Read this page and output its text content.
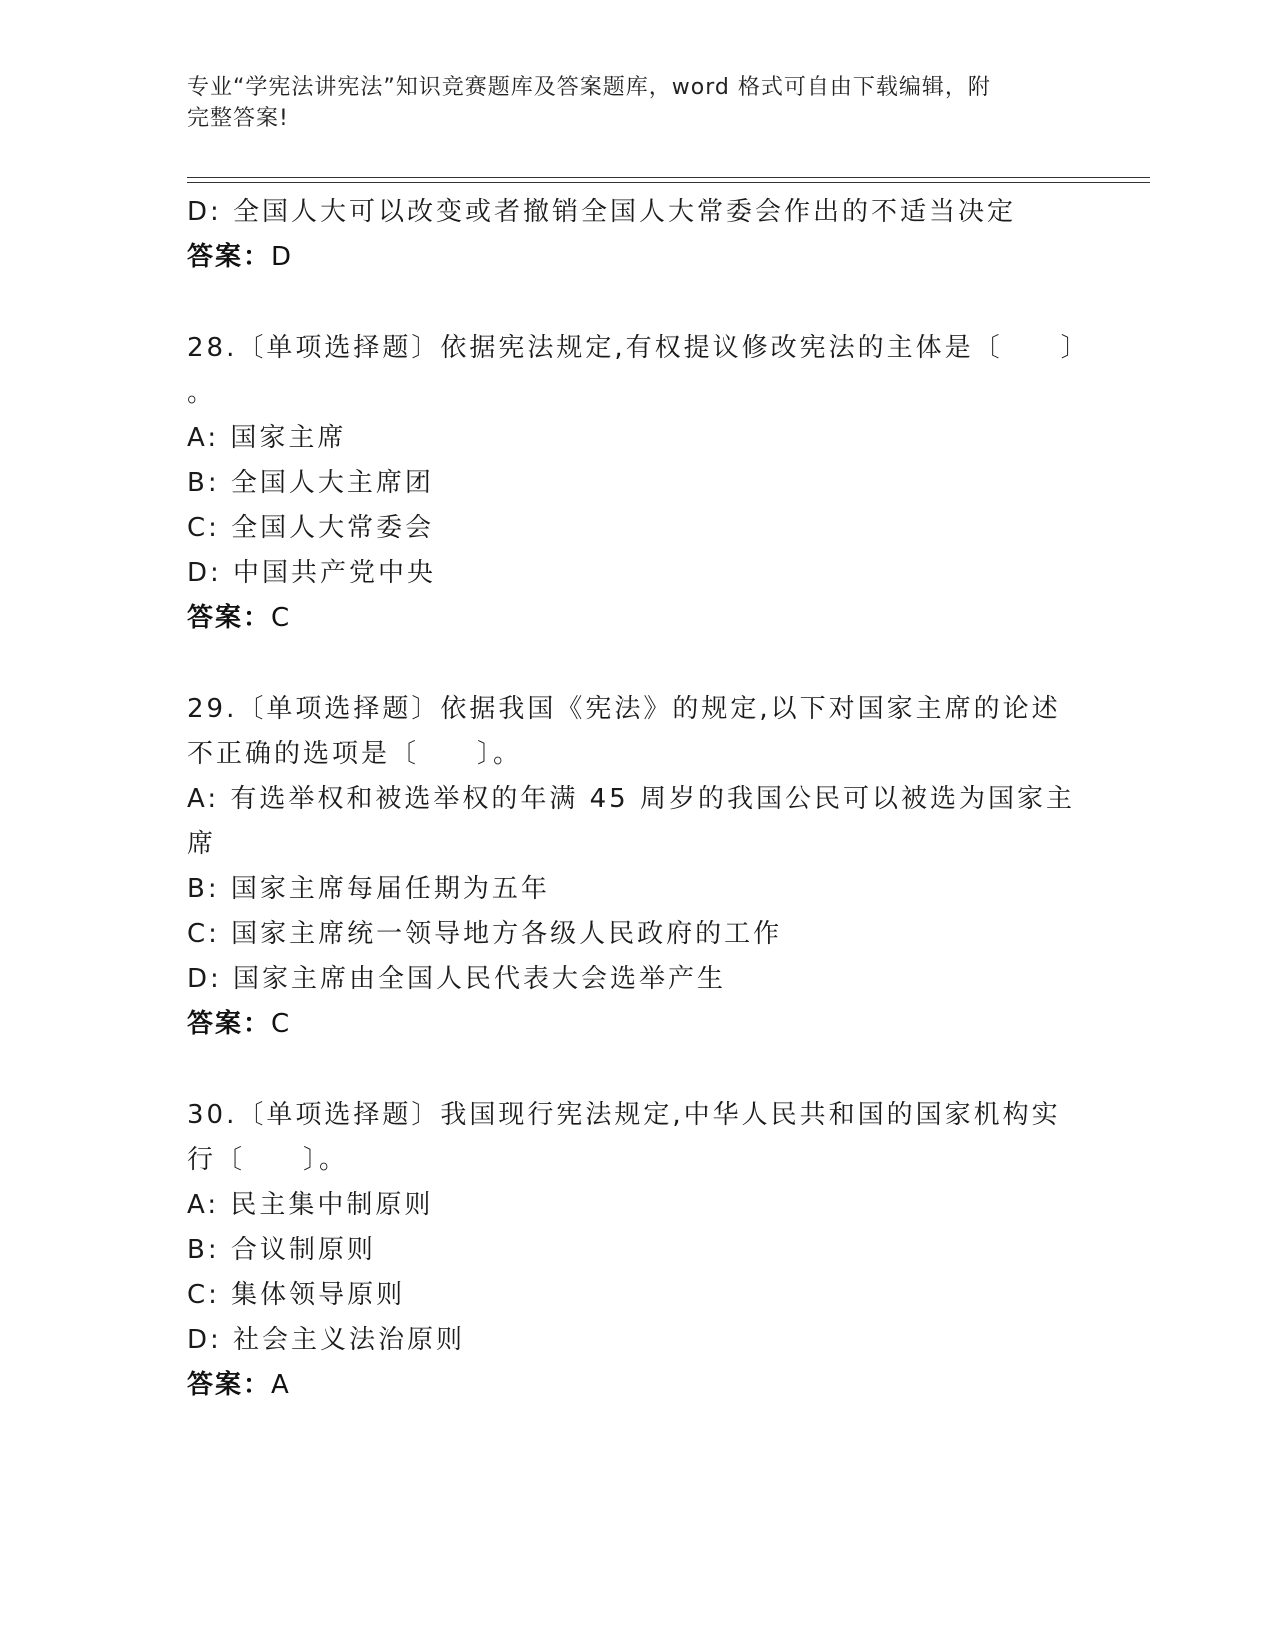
专业“学宪法讲宪法”知识竞赛题库及答案题库，word 格式可自由下载编辑，附
完整答案!
D: 全国人大可以改变或者撤销全国人大常委会作出的不适当决定
答案：D
28.〔单项选择题〕依据宪法规定,有权提议修改宪法的主体是〔　　〕
。
A: 国家主席
B: 全国人大主席团
C: 全国人大常委会
D: 中国共产党中央
答案：C
29.〔单项选择题〕依据我国《宪法》的规定,以下对国家主席的论述
不正确的选项是〔　　〕。
A: 有选举权和被选举权的年满 45 周岁的我国公民可以被选为国家主
席
B: 国家主席每届任期为五年
C: 国家主席统一领导地方各级人民政府的工作
D: 国家主席由全国人民代表大会选举产生
答案：C
30.〔单项选择题〕我国现行宪法规定,中华人民共和国的国家机构实
行〔　　〕。
A: 民主集中制原则
B: 合议制原则
C: 集体领导原则
D: 社会主义法治原则
答案：A
